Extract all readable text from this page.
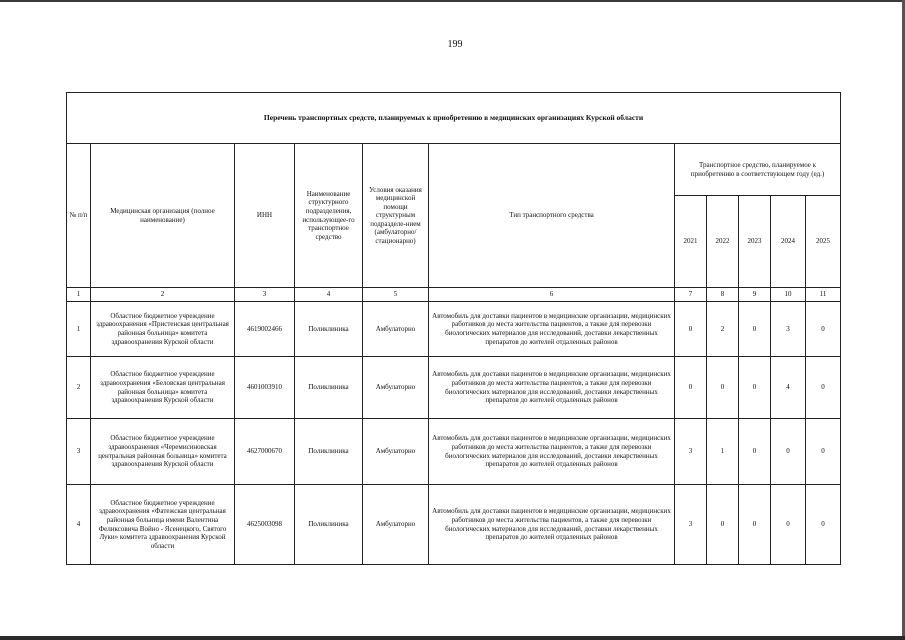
199
Перечень транспортных средств, планируемых к приобретению в медицинских организациях Курской области										
№ п/п	Медицинская организация (полное наименование)	ИНН	Наименование структурного подразделения, использующее-го транспортное средство	Условия оказания медицинской помощи структурным подразделе-нием (амбулаторно/ стационарно)	Тип транспортного средства	Транспортное средство, планируемое к приобретению в соответствующем году (ед.)				
						2021	2022	2023	2024	2025
1	2	3	4	5	6	7	8	9	10	11
1	Областное бюджетное учреждение здравоохранения «Пристенская центральная районная больница» комитета здравоохранения Курской области	4619002466	Поликлиника	Амбулаторно	Автомобиль для доставки пациентов в медицинские организации, медицинских работников до места жительства пациентов, а также для перевозки биологических материалов для исследований, доставки лекарственных препаратов до жителей отдаленных районов	0	2	0	3	0
2	Областное бюджетное учреждение здравоохранения «Беловская центральная районная больница» комитета здравоохранения Курской области	4601003910	Поликлиника	Амбулаторно	Автомобиль для доставки пациентов в медицинские организации, медицинских работников до места жительства пациентов, а также для перевозки биологических материалов для исследований, доставки лекарственных препаратов до жителей отдаленных районов	0	0	0	4	0
3	Областное бюджетное учреждение здравоохранения «Черемисиновская центральная районная больница» комитета здравоохранения Курской области	4627000670	Поликлиника	Амбулаторно	Автомобиль для доставки пациентов в медицинские организации, медицинских работников до места жительства пациентов, а также для перевозки биологических материалов для исследований, доставки лекарственных препаратов до жителей отдаленных районов	3	1	0	0	0
4	Областное бюджетное учреждение здравоохранения «Фатежская центральная районная больница имени Валентина Феликсовича Войно - Ясенецкого, Святого Луки» комитета здравоохранения Курской области	4625003098	Поликлиника	Амбулаторно	Автомобиль для доставки пациентов в медицинские организации, медицинских работников до места жительства пациентов, а также для перевозки биологических материалов для исследований, доставки лекарственных препаратов до жителей отдаленных районов	3	0	0	0	0
